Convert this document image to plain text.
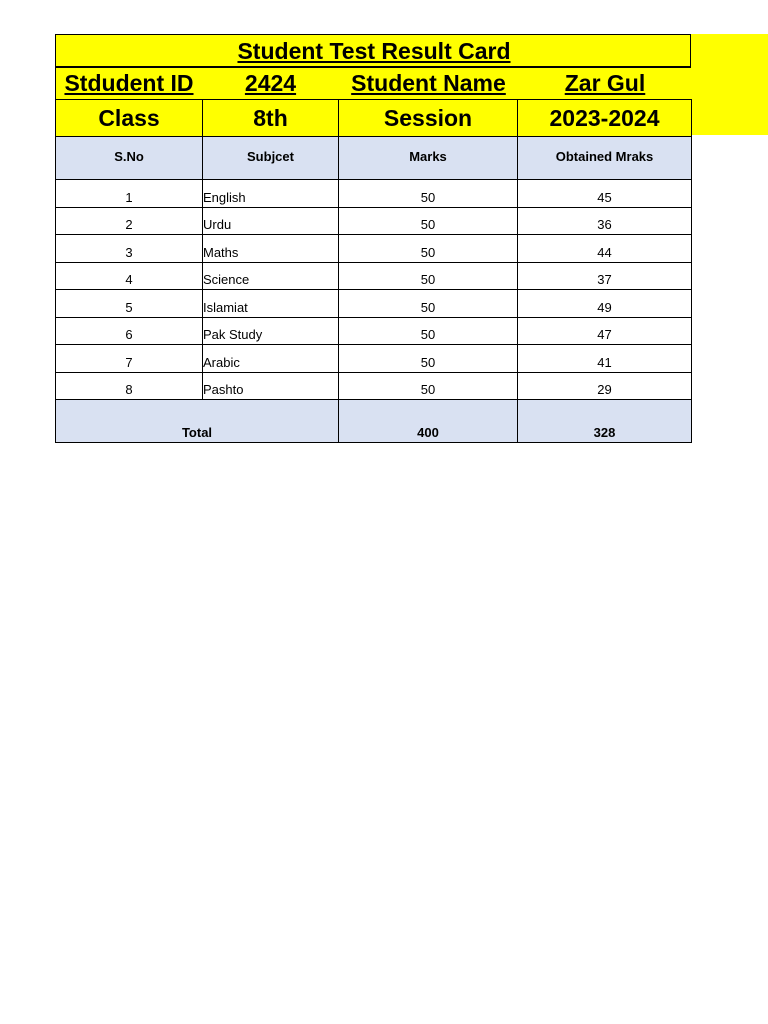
Student Test Result Card
Stdudent ID	2424	Student Name	Zar Gul
Class	8th	Session	2023-2024
S.No	Subjcet	Marks	Obtained Mraks
1	English	50	45
2	Urdu	50	36
3	Maths	50	44
4	Science	50	37
5	Islamiat	50	49
6	Pak Study	50	47
7	Arabic	50	41
8	Pashto	50	29
Total		400	328
